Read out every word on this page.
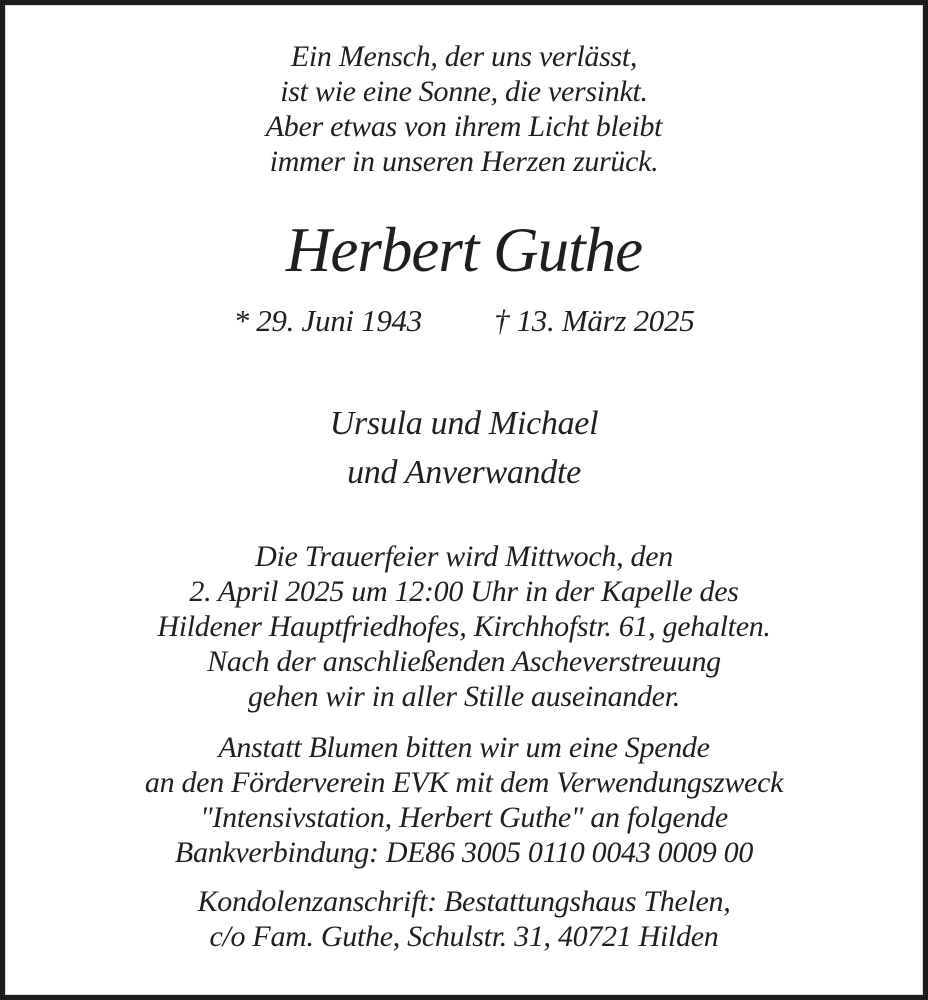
Ein Mensch, der uns verlässt,
ist wie eine Sonne, die versinkt.
Aber etwas von ihrem Licht bleibt
immer in unseren Herzen zurück.
Herbert Guthe
* 29. Juni 1943 † 13. März 2025
Ursula und Michael
und Anverwandte
Die Trauerfeier wird Mittwoch, den
2. April 2025 um 12:00 Uhr in der Kapelle des
Hildener Hauptfriedhofes, Kirchhofstr. 61, gehalten.
Nach der anschließenden Ascheverstreuung
gehen wir in aller Stille auseinander.
Anstatt Blumen bitten wir um eine Spende
an den Förderverein EVK mit dem Verwendungszweck
"Intensivstation, Herbert Guthe" an folgende
Bankverbindung: DE86 3005 0110 0043 0009 00
Kondolenzanschrift: Bestattungshaus Thelen,
c/o Fam. Guthe, Schulstr. 31, 40721 Hilden
